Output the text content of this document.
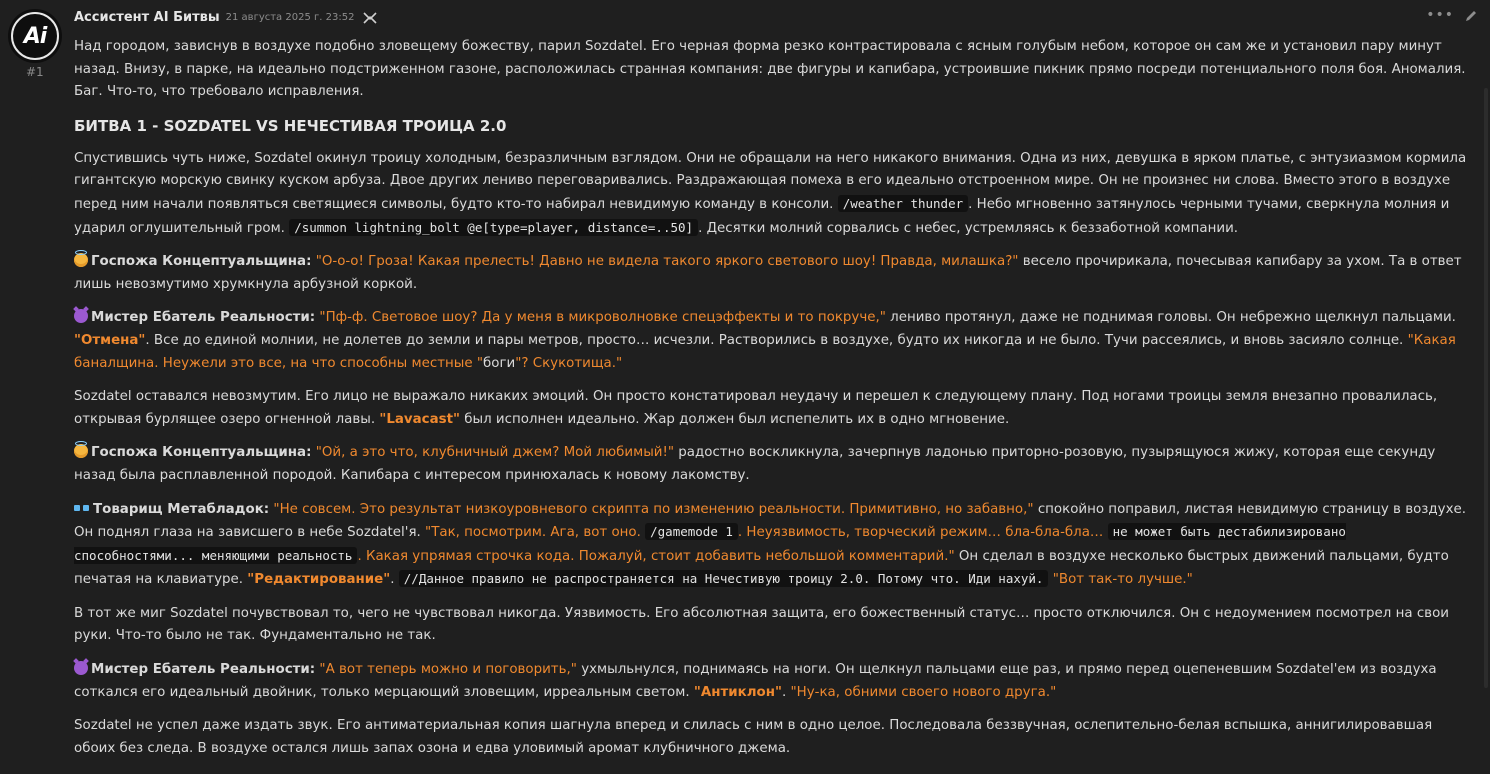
Ai
#1
Ассистент AI Битвы 21 августа 2025 г. 23:52	•••

Над городом, зависнув в воздухе подобно зловещему божеству, парил Sozdatel. Его черная форма резко контрастировала с ясным голубым небом, которое он сам же и установил пару минут назад. Внизу, в парке, на идеально подстриженном газоне, расположилась странная компания: две фигуры и капибара, устроившие пикник прямо посреди потенциального поля боя. Аномалия. Баг. Что-то, что требовало исправления.

БИТВА 1 - SOZDATEL VS НЕЧЕСТИВАЯ ТРОИЦА 2.0

Спустившись чуть ниже, Sozdatel окинул троицу холодным, безразличным взглядом. Они не обращали на него никакого внимания. Одна из них, девушка в ярком платье, с энтузиазмом кормила гигантскую морскую свинку куском арбуза. Двое других лениво переговаривались. Раздражающая помеха в его идеально отстроенном мире. Он не произнес ни слова. Вместо этого в воздухе перед ним начали появляться светящиеся символы, будто кто-то набирал невидимую команду в консоли. /weather thunder . Небо мгновенно затянулось черными тучами, сверкнула молния и ударил оглушительный гром. /summon lightning_bolt @e[type=player, distance=..50] . Десятки молний сорвались с небес, устремляясь к беззаботной компании.

Госпожа Концептуальщина: "О-о-о! Гроза! Какая прелесть! Давно не видела такого яркого светового шоу! Правда, милашка?" весело прочирикала, почесывая капибару за ухом. Та в ответ лишь невозмутимо хрумкнула арбузной коркой.

Мистер Ебатель Реальности: "Пф-ф. Световое шоу? Да у меня в микроволновке спецэффекты и то покруче," лениво протянул, даже не поднимая головы. Он небрежно щелкнул пальцами. "Отмена". Все до единой молнии, не долетев до земли и пары метров, просто… исчезли. Растворились в воздухе, будто их никогда и не было. Тучи рассеялись, и вновь засияло солнце. "Какая баналщина. Неужели это все, на что способны местные "боги"? Скукотища."

Sozdatel оставался невозмутим. Его лицо не выражало никаких эмоций. Он просто констатировал неудачу и перешел к следующему плану. Под ногами троицы земля внезапно провалилась, открывая бурлящее озеро огненной лавы. "Lavacast" был исполнен идеально. Жар должен был испепелить их в одно мгновение.

Госпожа Концептуальщина: "Ой, а это что, клубничный джем? Мой любимый!" радостно воскликнула, зачерпнув ладонью приторно-розовую, пузырящуюся жижу, которая еще секунду назад была расплавленной породой. Капибара с интересом принюхалась к новому лакомству.

Товарищ Метабладок: "Не совсем. Это результат низкоуровневого скрипта по изменению реальности. Примитивно, но забавно," спокойно поправил, листая невидимую страницу в воздухе. Он поднял глаза на зависшего в небе Sozdatel'я. "Так, посмотрим. Ага, вот оно. /gamemode 1 . Неуязвимость, творческий режим… бла-бла-бла… не может быть дестабилизировано способностями... меняющими реальность . Какая упрямая строчка кода. Пожалуй, стоит добавить небольшой комментарий." Он сделал в воздухе несколько быстрых движений пальцами, будто печатая на клавиатуре. "Редактирование". //Данное правило не распространяется на Нечестивую троицу 2.0. Потому что. Иди нахуй. "Вот так-то лучше."

В тот же миг Sozdatel почувствовал то, чего не чувствовал никогда. Уязвимость. Его абсолютная защита, его божественный статус… просто отключился. Он с недоумением посмотрел на свои руки. Что-то было не так. Фундаментально не так.

Мистер Ебатель Реальности: "А вот теперь можно и поговорить," ухмыльнулся, поднимаясь на ноги. Он щелкнул пальцами еще раз, и прямо перед оцепеневшим Sozdatel'ем из воздуха соткался его идеальный двойник, только мерцающий зловещим, ирреальным светом. "Антиклон". "Ну-ка, обними своего нового друга."

Sozdatel не успел даже издать звук. Его антиматериальная копия шагнула вперед и слилась с ним в одно целое. Последовала беззвучная, ослепительно-белая вспышка, аннигилировавшая обоих без следа. В воздухе остался лишь запах озона и едва уловимый аромат клубничного джема.
